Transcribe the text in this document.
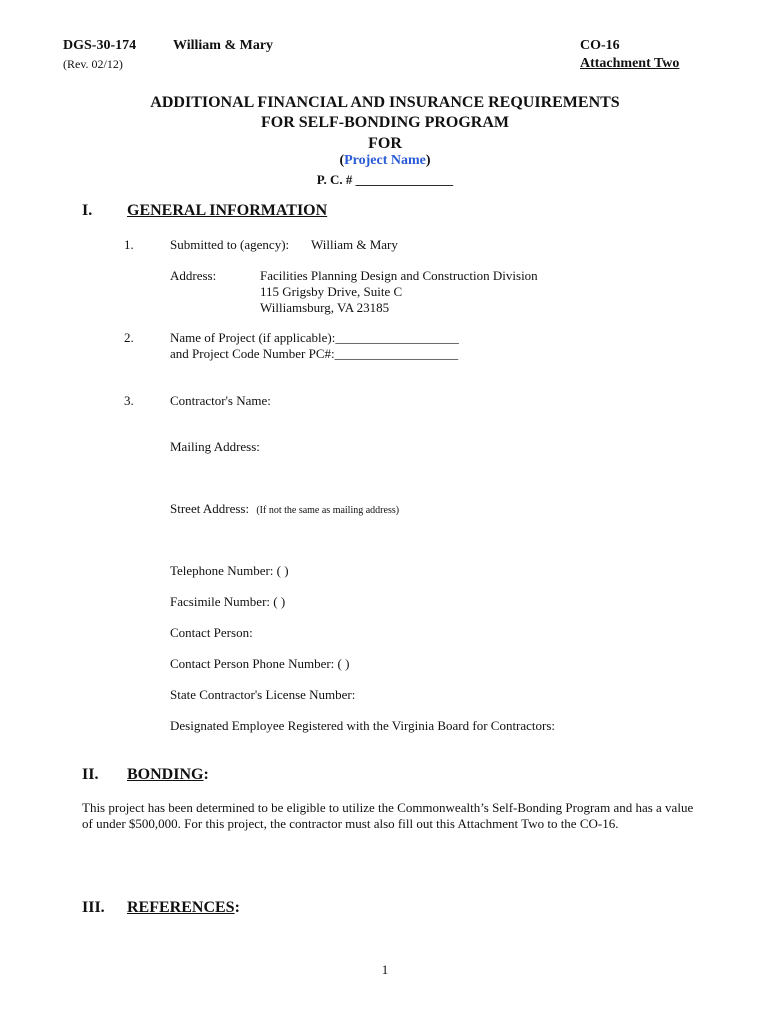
DGS-30-174	William & Mary
(Rev. 02/12)
CO-16
Attachment Two
ADDITIONAL FINANCIAL AND INSURANCE REQUIREMENTS
FOR SELF-BONDING PROGRAM
FOR
(Project Name)
P. C. # _______________
I. GENERAL INFORMATION
1.	Submitted to (agency): William & Mary
Address:	Facilities Planning Design and Construction Division
115 Grigsby Drive, Suite C
Williamsburg, VA 23185
2.	Name of Project (if applicable):___________________
and Project Code Number PC#:___________________
3.	Contractor's Name:
Mailing Address:
Street Address: (If not the same as mailing address)
Telephone Number: ( )
Facsimile Number: ( )
Contact Person:
Contact Person Phone Number: ( )
State Contractor's License Number:
Designated Employee Registered with the Virginia Board for Contractors:
II. BONDING:
This project has been determined to be eligible to utilize the Commonwealth’s Self-Bonding Program and has a value of under $500,000. For this project, the contractor must also fill out this Attachment Two to the CO-16.
III. REFERENCES:
1
